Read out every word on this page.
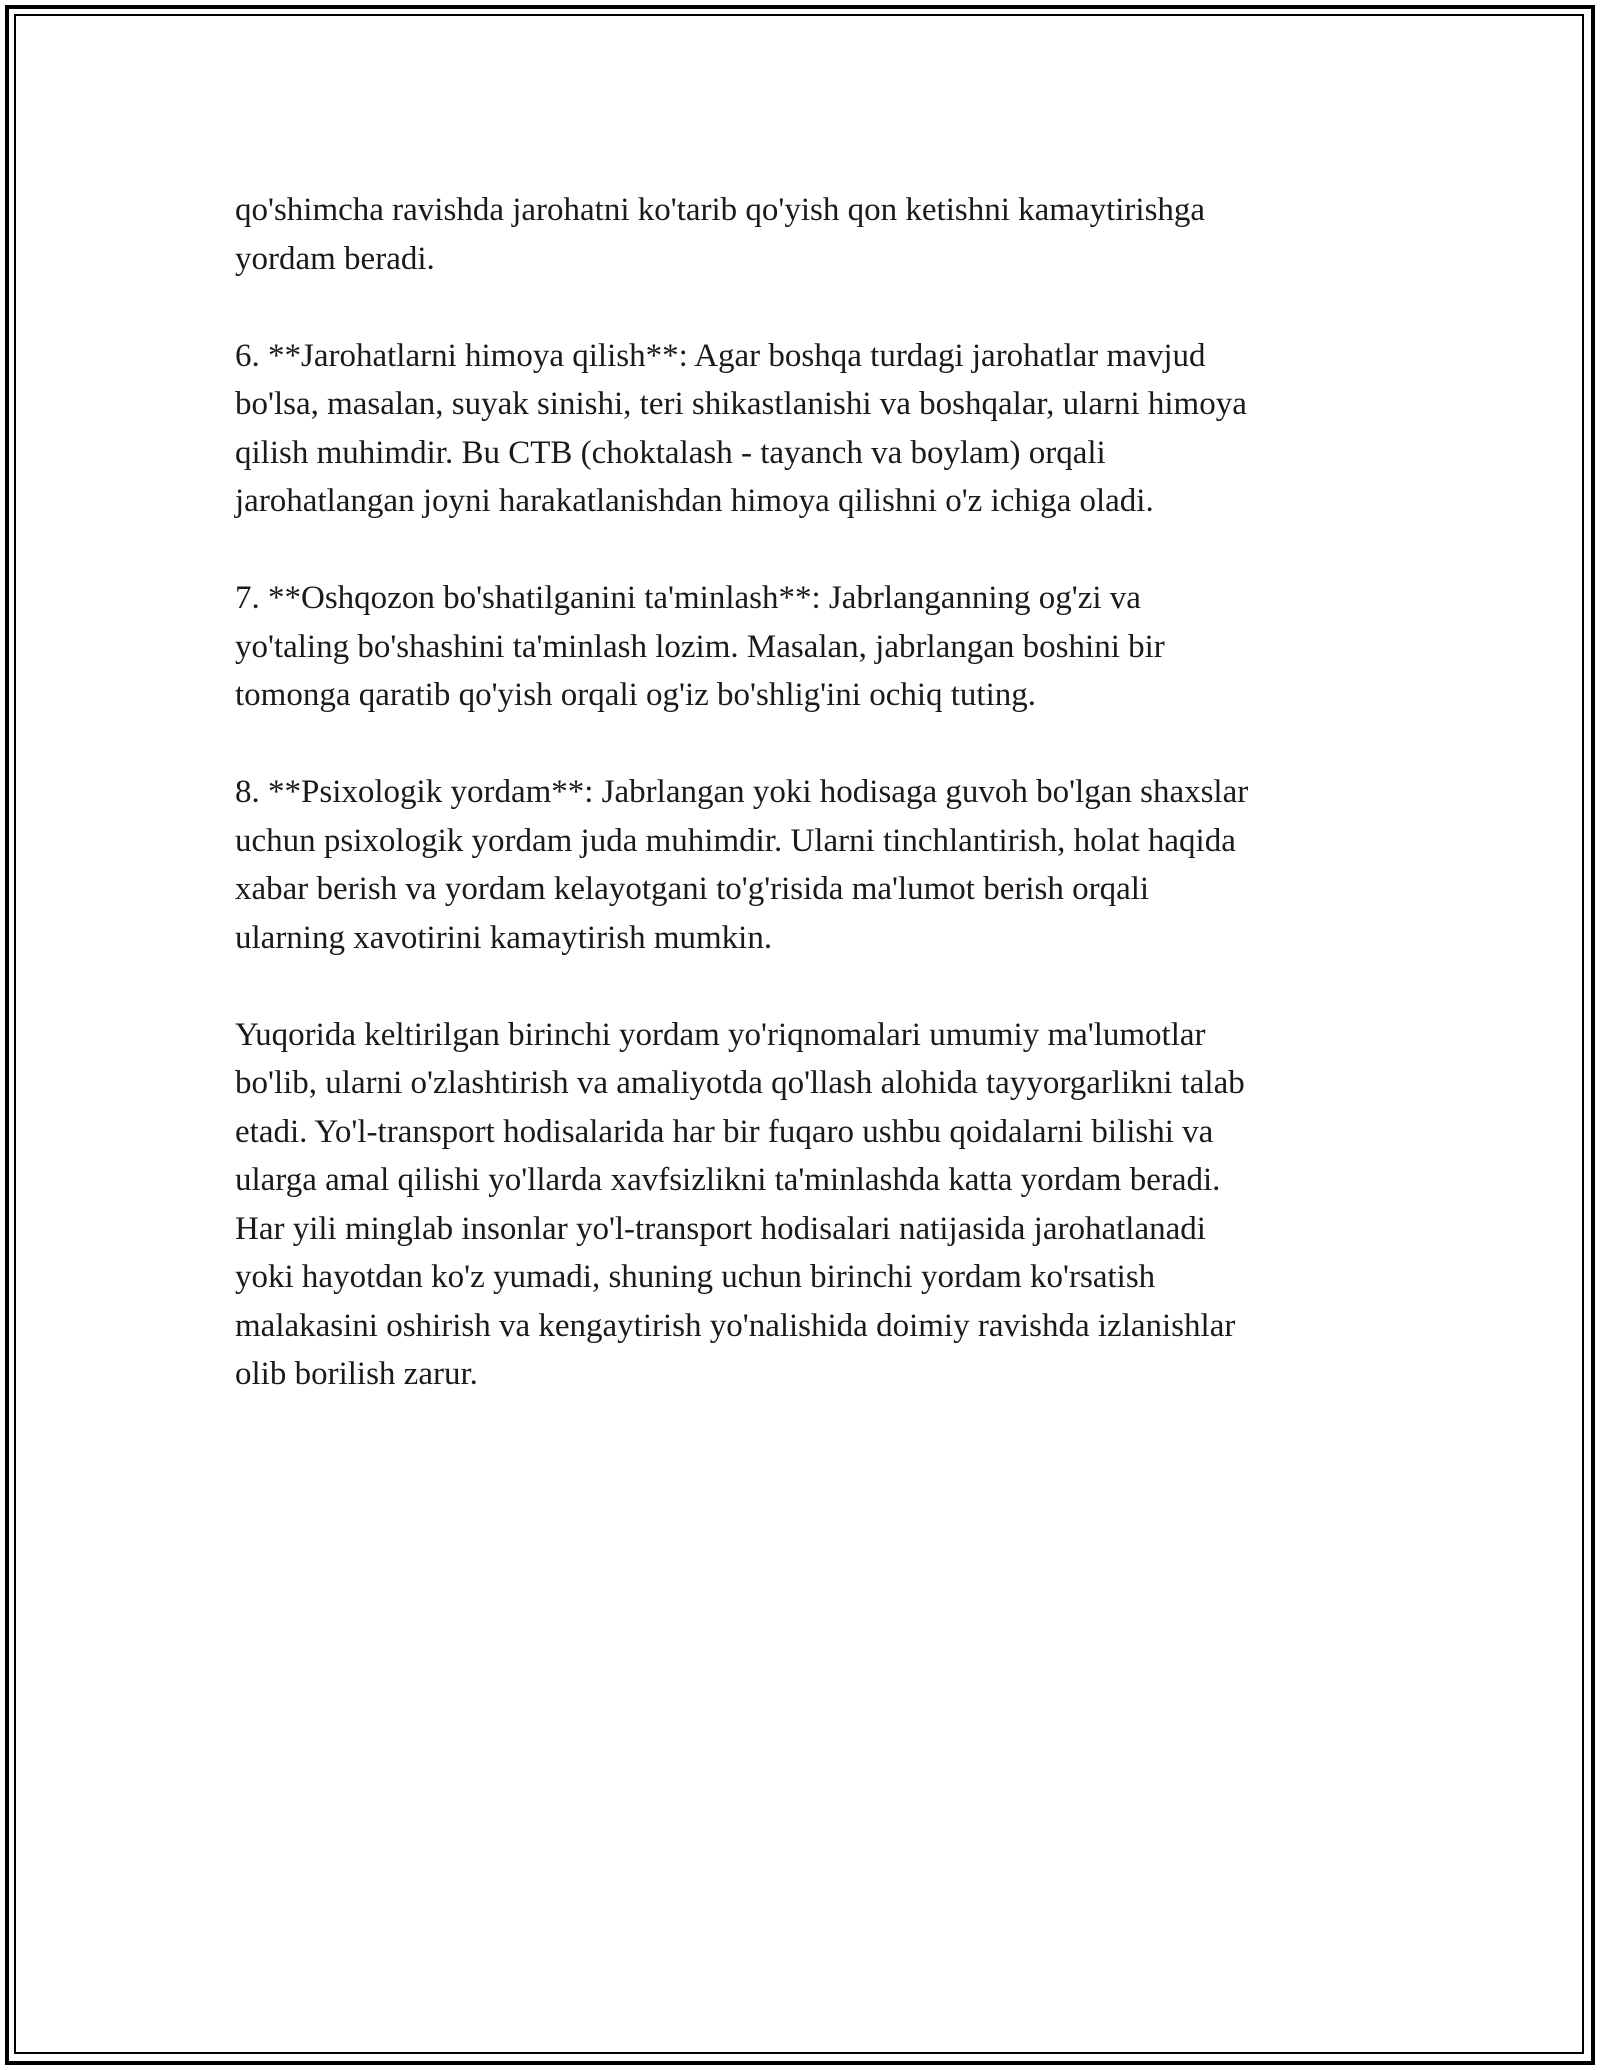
qo'shimcha ravishda jarohatni ko'tarib qo'yish qon ketishni kamaytirishga
yordam beradi.

6. **Jarohatlarni himoya qilish**: Agar boshqa turdagi jarohatlar mavjud
bo'lsa, masalan, suyak sinishi, teri shikastlanishi va boshqalar, ularni himoya
qilish muhimdir. Bu CTB (choktalash - tayanch va boylam) orqali
jarohatlangan joyni harakatlanishdan himoya qilishni o'z ichiga oladi.

7. **Oshqozon bo'shatilganini ta'minlash**: Jabrlanganning og'zi va
yo'taling bo'shashini ta'minlash lozim. Masalan, jabrlangan boshini bir
tomonga qaratib qo'yish orqali og'iz bo'shlig'ini ochiq tuting.

8. **Psixologik yordam**: Jabrlangan yoki hodisaga guvoh bo'lgan shaxslar
uchun psixologik yordam juda muhimdir. Ularni tinchlantirish, holat haqida
xabar berish va yordam kelayotgani to'g'risida ma'lumot berish orqali
ularning xavotirini kamaytirish mumkin.

Yuqorida keltirilgan birinchi yordam yo'riqnomalari umumiy ma'lumotlar
bo'lib, ularni o'zlashtirish va amaliyotda qo'llash alohida tayyorgarlikni talab
etadi. Yo'l-transport hodisalarida har bir fuqaro ushbu qoidalarni bilishi va
ularga amal qilishi yo'llarda xavfsizlikni ta'minlashda katta yordam beradi.
Har yili minglab insonlar yo'l-transport hodisalari natijasida jarohatlanadi
yoki hayotdan ko'z yumadi, shuning uchun birinchi yordam ko'rsatish
malakasini oshirish va kengaytirish yo'nalishida doimiy ravishda izlanishlar
olib borilish zarur.
